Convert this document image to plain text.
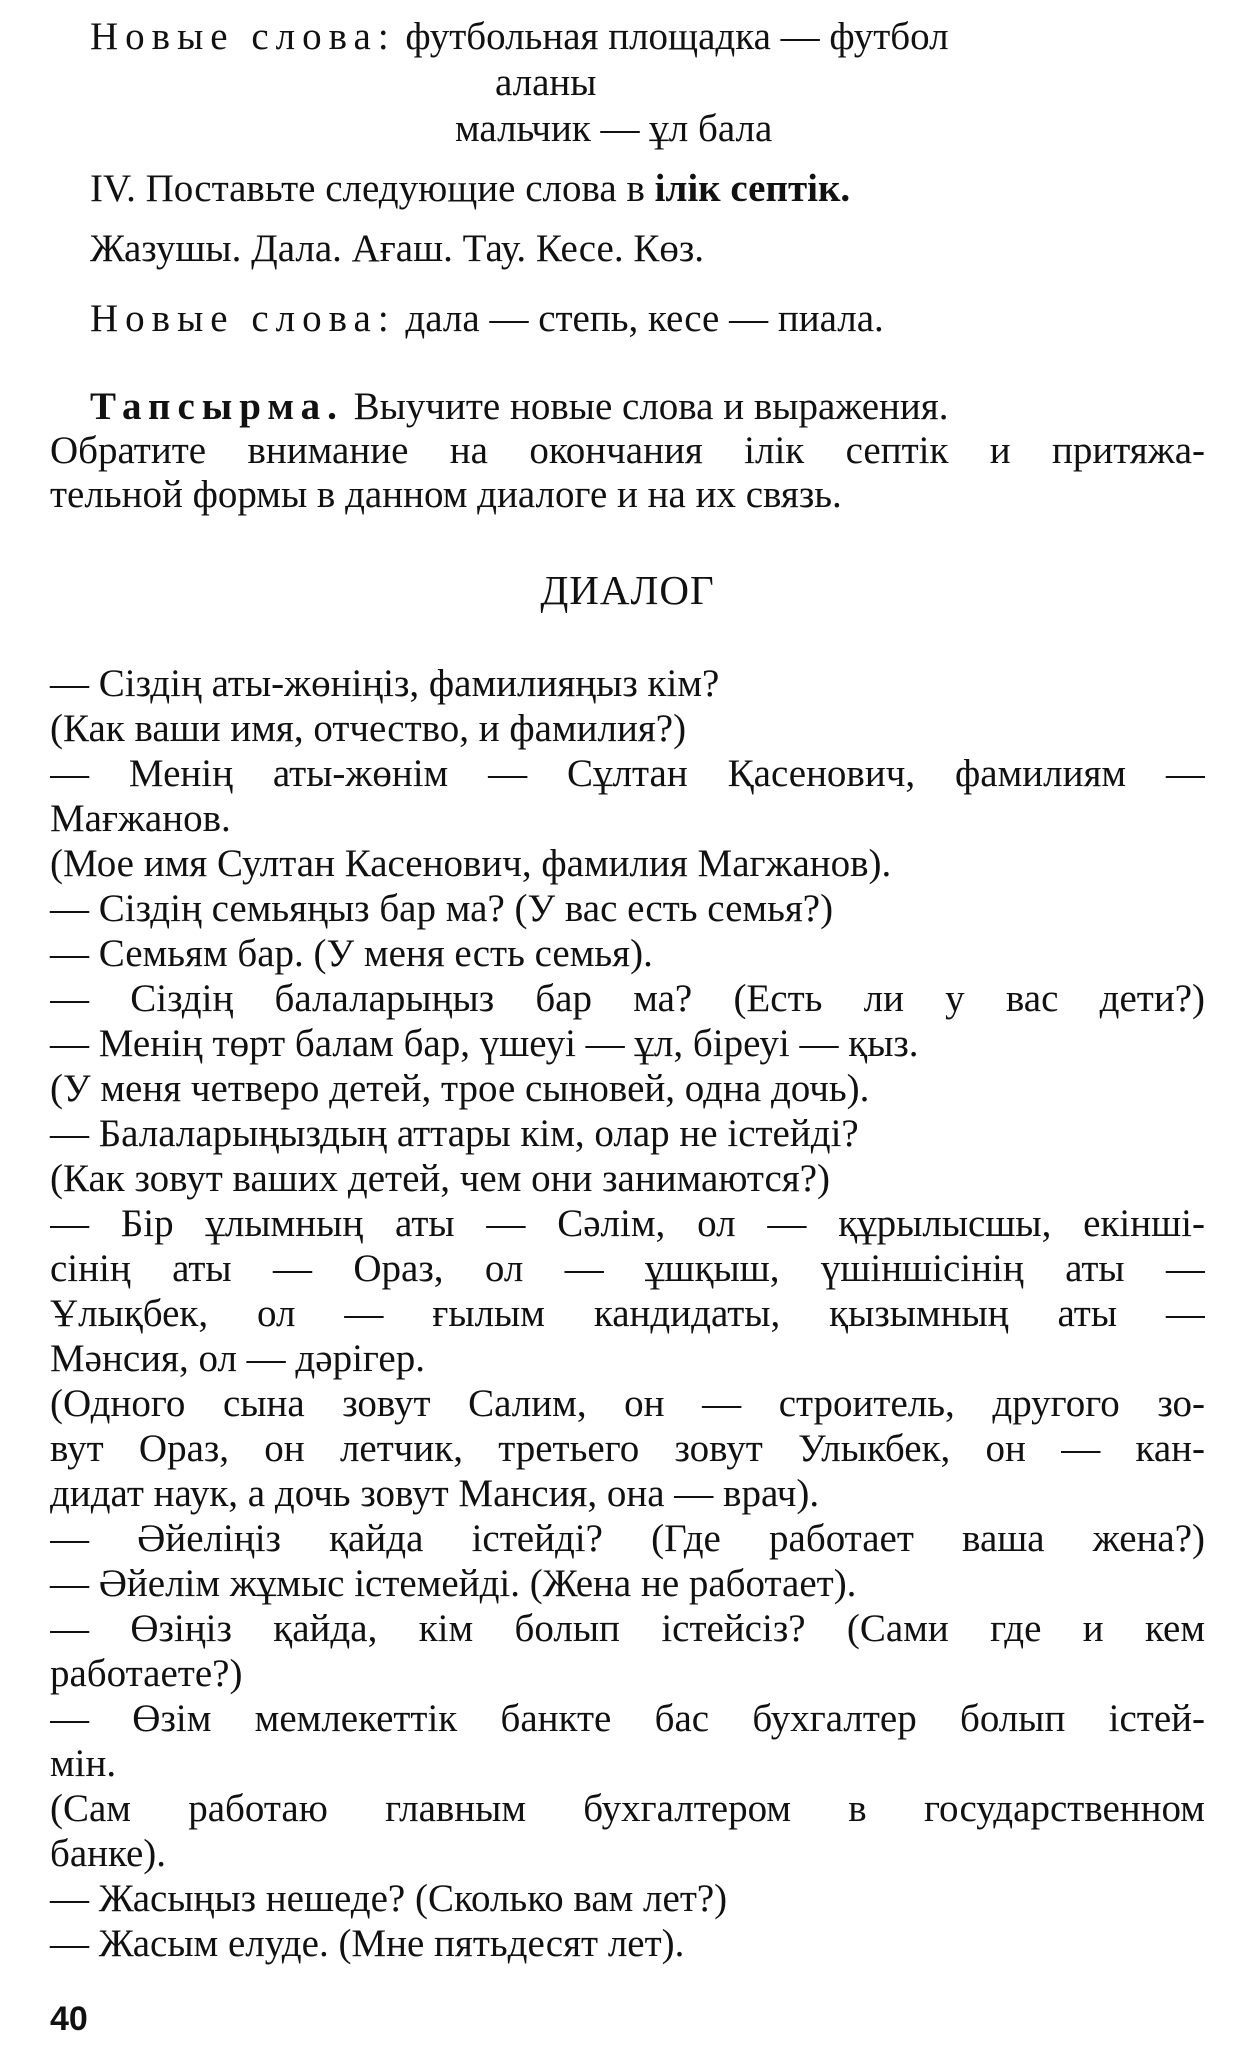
Новые слова: футбольная площадка — футбол
аланы
мальчик — ұл бала
IV. Поставьте следующие слова в ілік септік.
Жазушы. Дала. Ағаш. Тау. Кесе. Көз.
Новые слова: дала — степь, кесе — пиала.
Тапсырма. Выучите новые слова и выражения.
Обратите внимание на окончания ілік септік и притяжа-
тельной формы в данном диалоге и на их связь.
ДИАЛОГ
— Сіздің аты-жөніңіз, фамилияңыз кім?
(Как ваши имя, отчество, и фамилия?)
— Менің аты-жөнім — Сұлтан Қасенович, фамилиям —
Мағжанов.
(Мое имя Султан Касенович, фамилия Магжанов).
— Сіздің семьяңыз бар ма? (У вас есть семья?)
— Семьям бар. (У меня есть семья).
— Сіздің балаларыңыз бар ма? (Есть ли у вас дети?)
— Менің төрт балам бар, үшеуі — ұл, біреуі — қыз.
(У меня четверо детей, трое сыновей, одна дочь).
— Балаларыңыздың аттары кім, олар не істейді?
(Как зовут ваших детей, чем они занимаются?)
— Бір ұлымның аты — Сәлім, ол — құрылысшы, екінші-
сінің аты — Ораз, ол — ұшқыш, үшіншісінің аты —
Ұлықбек, ол — ғылым кандидаты, қызымның аты —
Мәнсия, ол — дәрігер.
(Одного сына зовут Салим, он — строитель, другого зо-
вут Ораз, он летчик, третьего зовут Улыкбек, он — кан-
дидат наук, а дочь зовут Мансия, она — врач).
— Әйеліңіз қайда істейді? (Где работает ваша жена?)
— Әйелім жұмыс істемейді. (Жена не работает).
— Өзіңіз қайда, кім болып істейсіз? (Сами где и кем
работаете?)
— Өзім мемлекеттік банкте бас бухгалтер болып істей-
мін.
(Сам работаю главным бухгалтером в государственном
банке).
— Жасыңыз нешеде? (Сколько вам лет?)
— Жасым елуде. (Мне пятьдесят лет).
40
